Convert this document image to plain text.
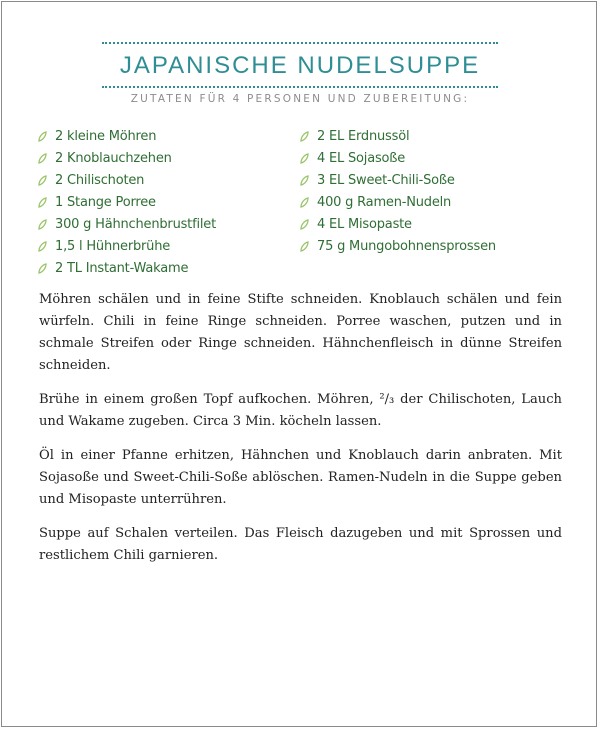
JAPANISCHE NUDELSUPPE
ZUTATEN FÜR 4 PERSONEN UND ZUBEREITUNG:
2 kleine Möhren
2 Knoblauchzehen
2 Chilischoten
1 Stange Porree
300 g Hähnchenbrustfilet
1,5 l Hühnerbrühe
2 TL Instant-Wakame
2 EL Erdnussöl
4 EL Sojasoße
3 EL Sweet-Chili-Soße
400 g Ramen-Nudeln
4 EL Misopaste
75 g Mungobohnensprossen

Möhren schälen und in feine Stifte schneiden. Knoblauch schälen und fein würfeln. Chili in feine Ringe schneiden. Porree waschen, putzen und in schmale Streifen oder Ringe schneiden. Hähnchenfleisch in dünne Streifen schneiden.

Brühe in einem großen Topf aufkochen. Möhren, ²/₃ der Chilischoten, Lauch und Wakame zugeben. Circa 3 Min. köcheln lassen.

Öl in einer Pfanne erhitzen, Hähnchen und Knoblauch darin anbraten. Mit Sojasoße und Sweet-Chili-Soße ablöschen. Ramen-Nudeln in die Suppe geben und Misopaste unterrühren.

Suppe auf Schalen verteilen. Das Fleisch dazugeben und mit Sprossen und restlichem Chili garnieren.
